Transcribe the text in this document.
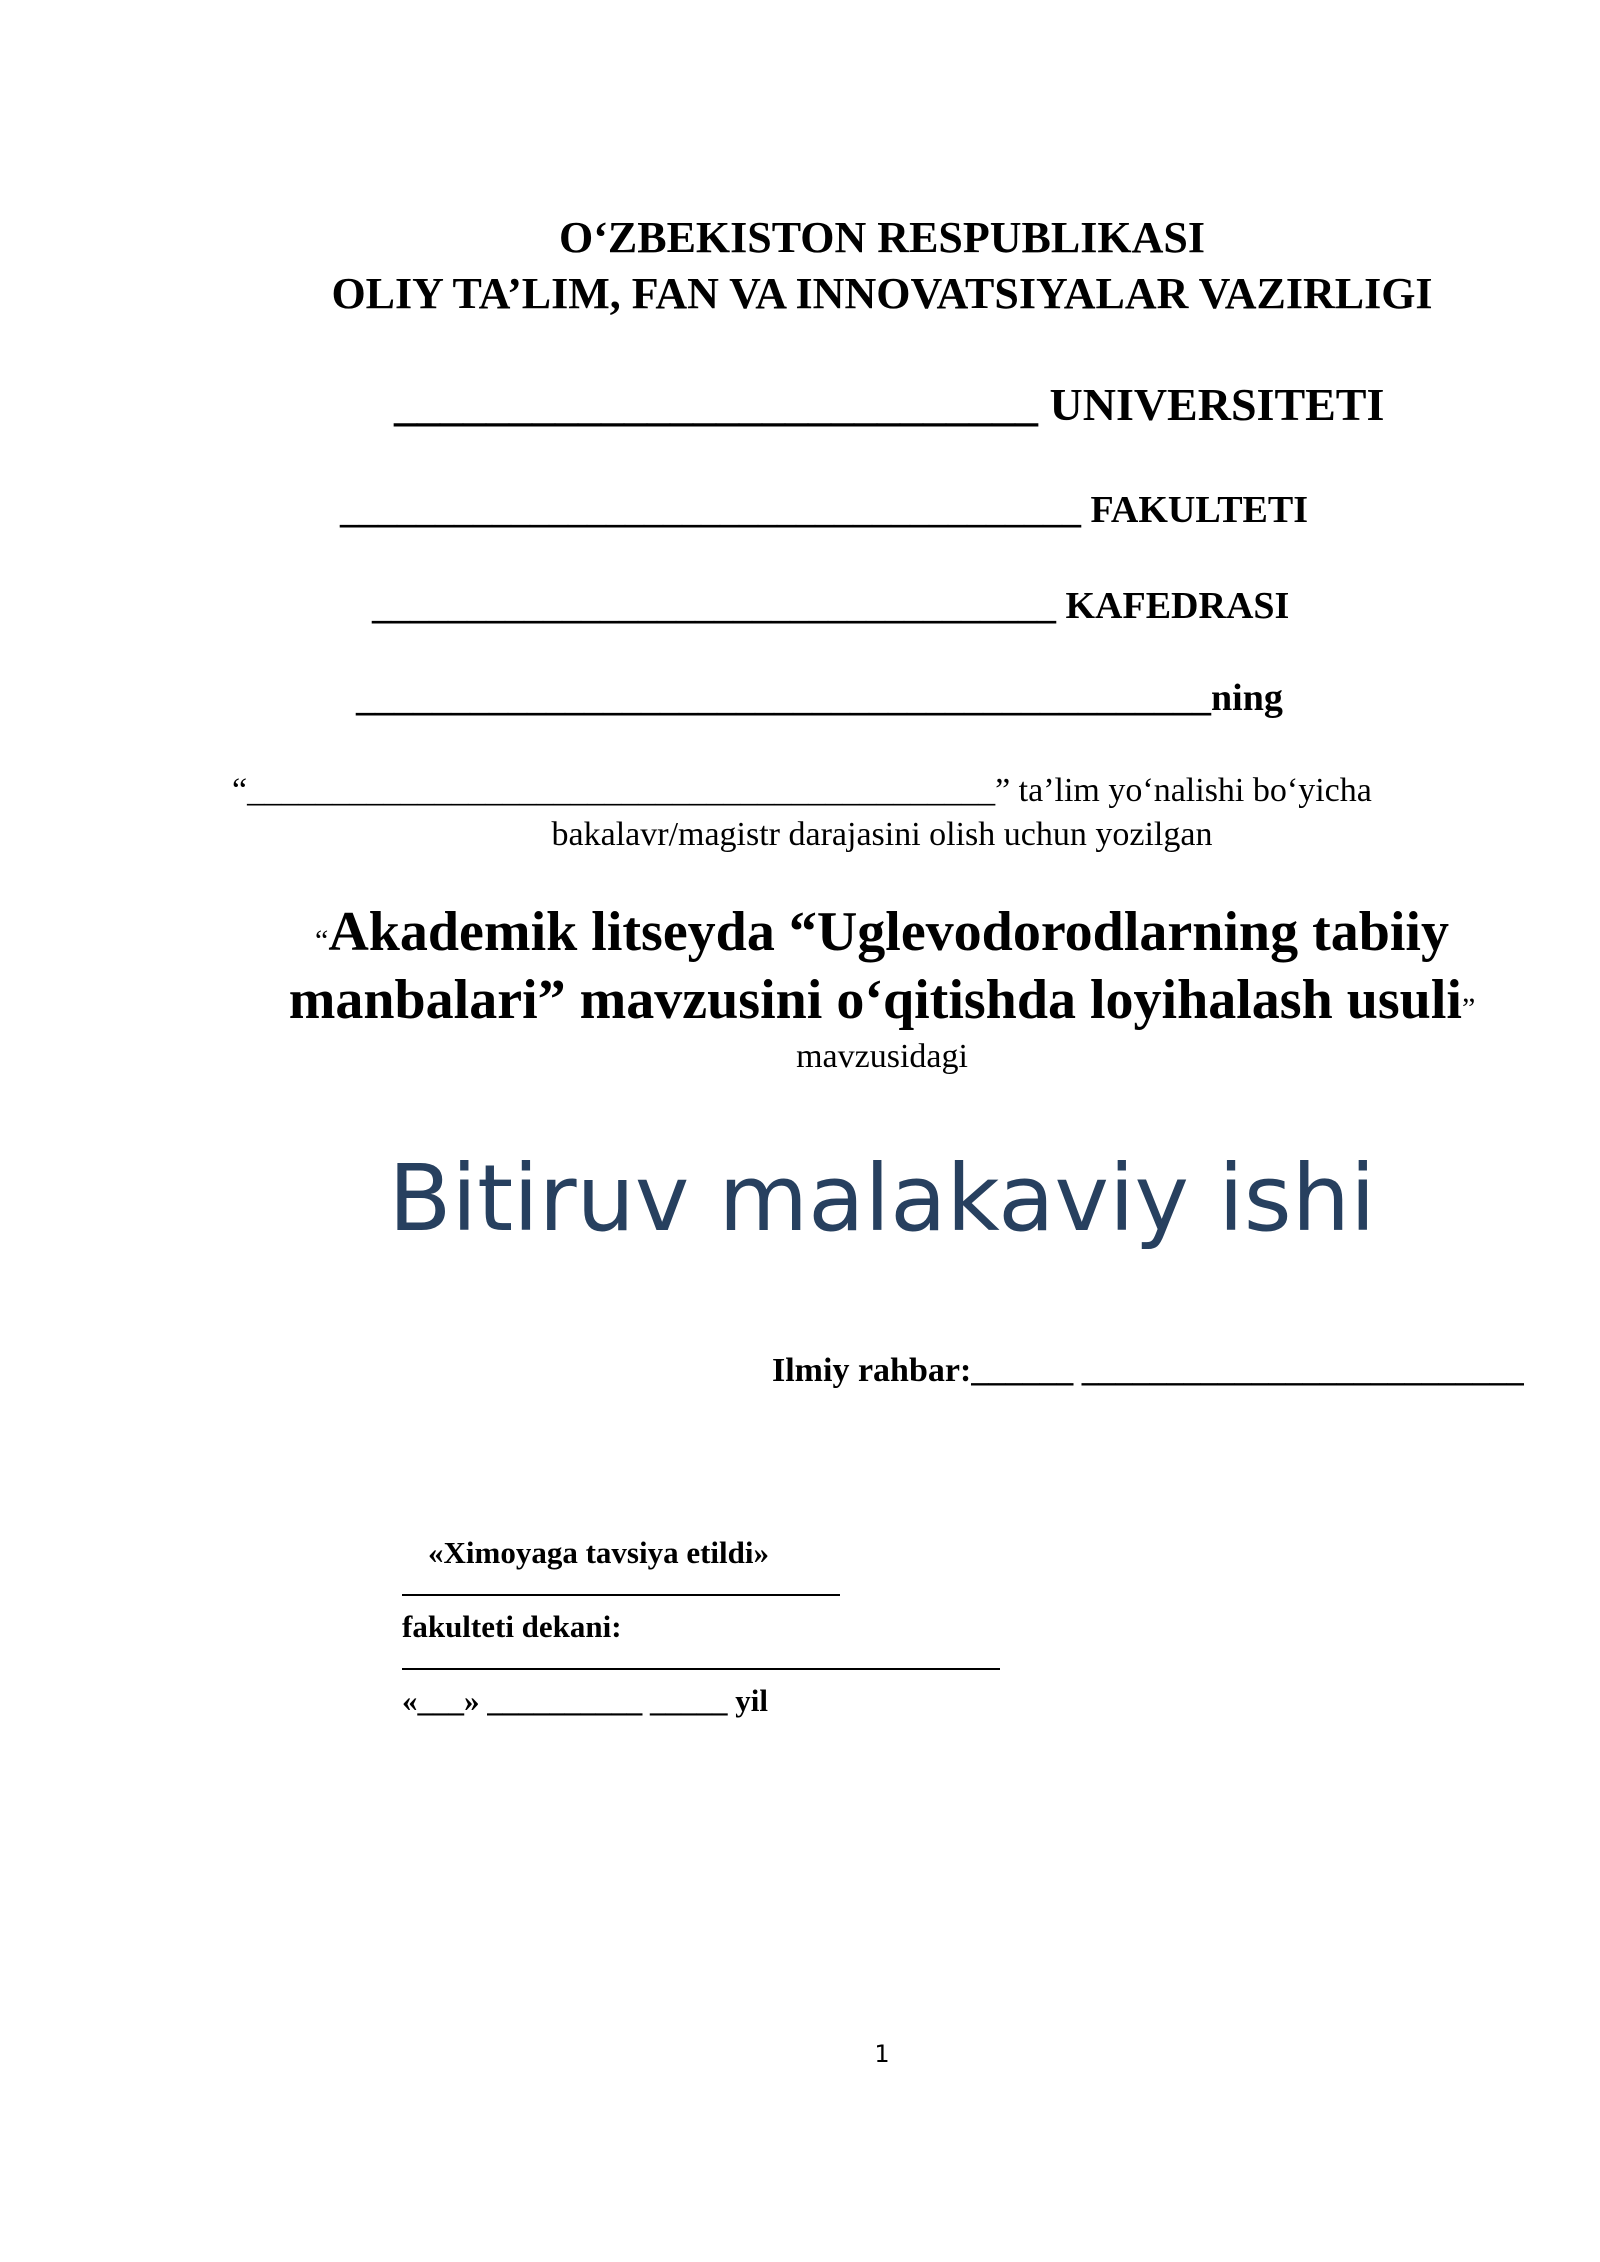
O‘ZBEKISTON RESPUBLIKASI
OLIY TA’LIM, FAN VA INNOVATSIYALAR VAZIRLIGI
____________________________ UNIVERSITETI
_______________________________________ FAKULTETI
____________________________________ KAFEDRASI
_____________________________________________ning
“____________________________________________” ta’lim yo‘nalishi bo‘yicha
bakalavr/magistr darajasini olish uchun yozilgan
“Akademik litseyda “Uglevodorodlarning tabiiy
manbalari” mavzusini o‘qitishda loyihalash usuli”
mavzusidagi
Bitiruv malakaviy ishi
Ilmiy rahbar:______ __________________________
«Ximoyaga tavsiya etildi»
fakulteti dekani:
«___» __________ _____ yil
1
